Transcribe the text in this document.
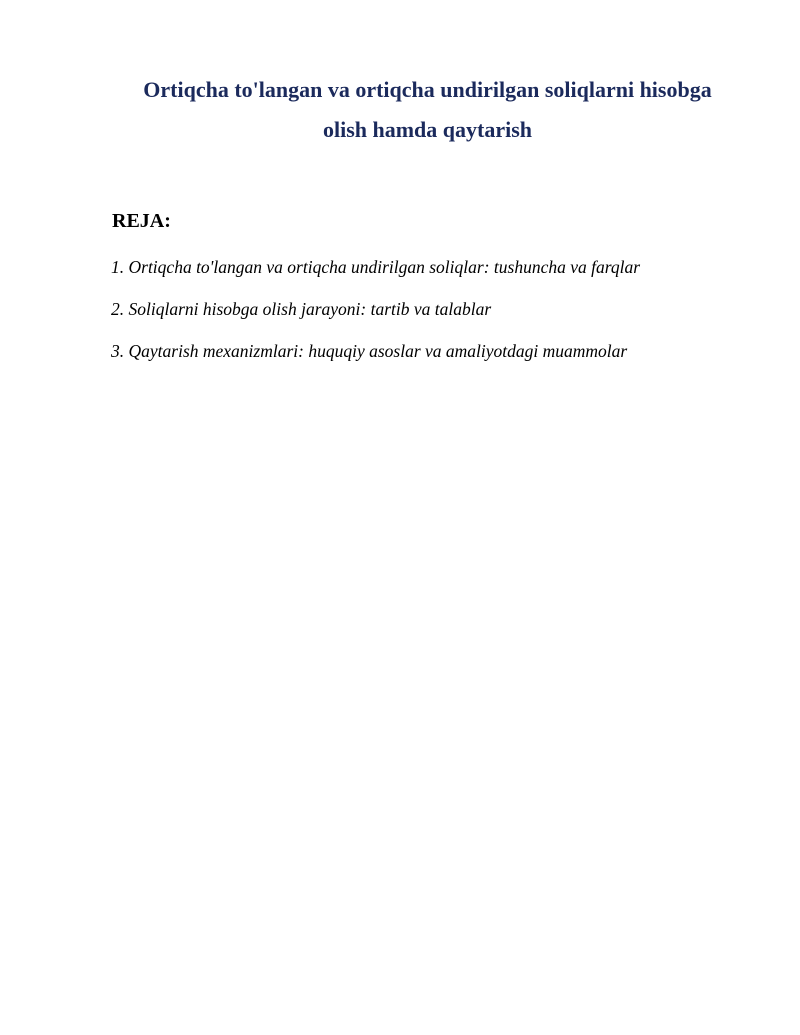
Ortiqcha to'langan va ortiqcha undirilgan soliqlarni hisobga
olish hamda qaytarish
REJA:
1. Ortiqcha to'langan va ortiqcha undirilgan soliqlar: tushuncha va farqlar
2. Soliqlarni hisobga olish jarayoni: tartib va talablar
3. Qaytarish mexanizmlari: huquqiy asoslar va amaliyotdagi muammolar
